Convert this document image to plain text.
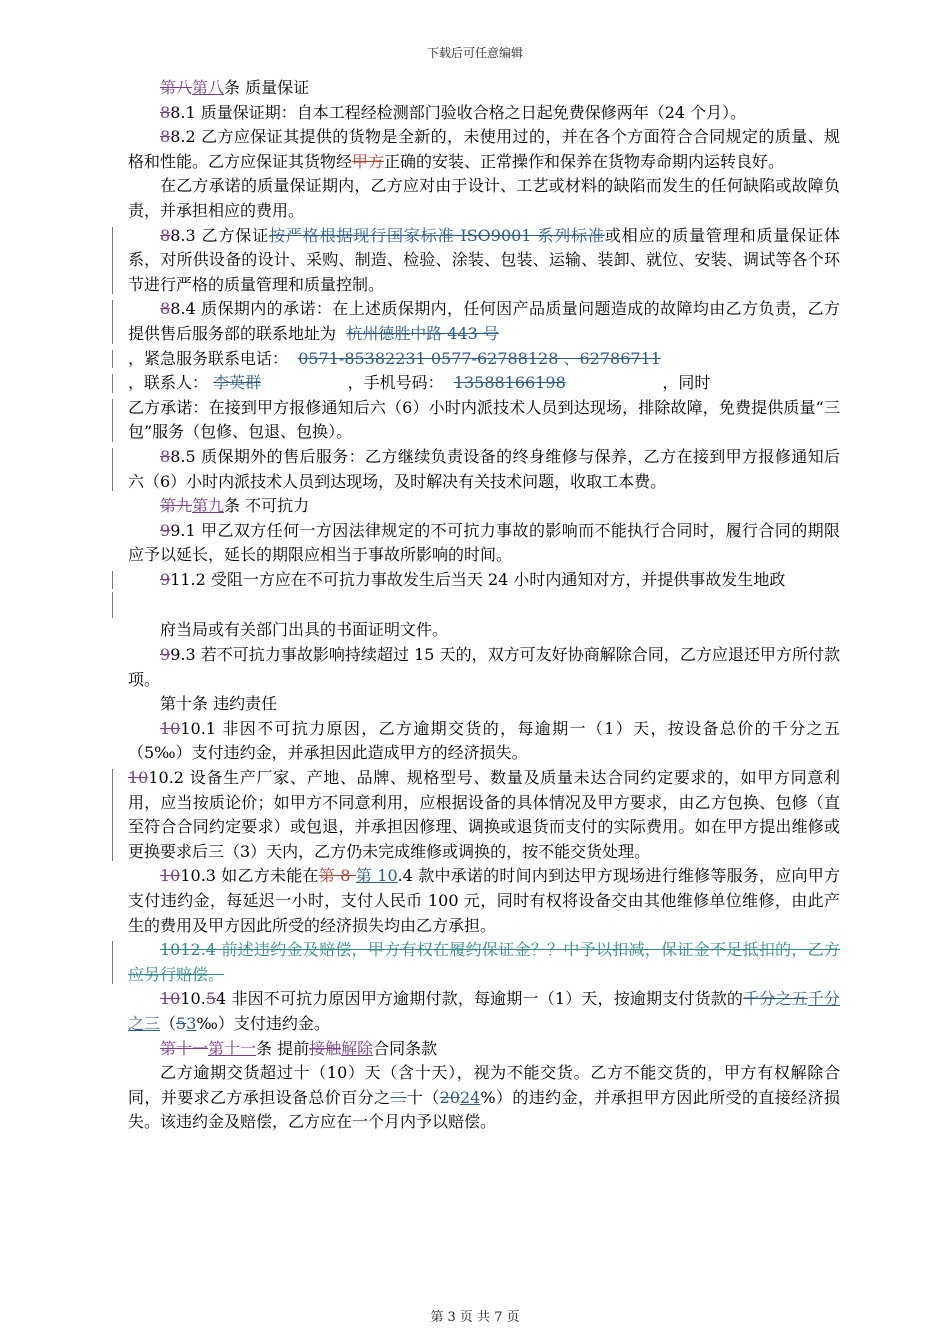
下载后可任意编辑

第八第八条 质量保证

88.1 质量保证期：自本工程经检测部门验收合格之日起免费保修两年（24 个月）。

88.2 乙方应保证其提供的货物是全新的，未使用过的，并在各个方面符合合同规定的质量、规格和性能。乙方应保证其货物经甲方正确的安装、正常操作和保养在货物寿命期内运转良好。

在乙方承诺的质量保证期内，乙方应对由于设计、工艺或材料的缺陷而发生的任何缺陷或故障负责，并承担相应的费用。

88.3 乙方保证按严格根据现行国家标准 ISO9001 系列标准或相应的质量管理和质量保证体系，对所供设备的设计、采购、制造、检验、涂装、包装、运输、装卸、就位、安装、调试等各个环节进行严格的质量管理和质量控制。

88.4 质保期内的承诺：在上述质保期内，任何因产品质量问题造成的故障均由乙方负责，乙方提供售后服务部的联系地址为 杭州德胜中路 443 号

，紧急服务联系电话： 0571-85382231 0577-62788128 、62786711

，联系人： 李英群	，手机号码： 13588166198	，同时

乙方承诺：在接到甲方报修通知后六（6）小时内派技术人员到达现场，排除故障，免费提供质量“三包”服务（包修、包退、包换）。

88.5 质保期外的售后服务：乙方继续负责设备的终身维修与保养，乙方在接到甲方报修通知后六（6）小时内派技术人员到达现场，及时解决有关技术问题，收取工本费。

第九第九条 不可抗力

99.1 甲乙双方任何一方因法律规定的不可抗力事故的影响而不能执行合同时，履行合同的期限应予以延长，延长的期限应相当于事故所影响的时间。

911.2 受阻一方应在不可抗力事故发生后当天 24 小时内通知对方，并提供事故发生地政

府当局或有关部门出具的书面证明文件。

99.3 若不可抗力事故影响持续超过 15 天的，双方可友好协商解除合同，乙方应退还甲方所付款项。

第十条 违约责任

1010.1 非因不可抗力原因，乙方逾期交货的，每逾期一（1）天，按设备总价的千分之五（5‰）支付违约金，并承担因此造成甲方的经济损失。

1010.2 设备生产厂家、产地、品牌、规格型号、数量及质量未达合同约定要求的，如甲方同意利用，应当按质论价；如甲方不同意利用，应根据设备的具体情况及甲方要求，由乙方包换、包修（直至符合合同约定要求）或包退，并承担因修理、调换或退货而支付的实际费用。如在甲方提出维修或更换要求后三（3）天内，乙方仍未完成维修或调换的，按不能交货处理。

1010.3 如乙方未能在第 8 第 10.4 款中承诺的时间内到达甲方现场进行维修等服务，应向甲方支付违约金，每延迟一小时，支付人民币 100 元，同时有权将设备交由其他维修单位维修，由此产生的费用及甲方因此所受的经济损失均由乙方承担。

1012.4 前述违约金及赔偿，甲方有权在履约保证金？？中予以扣减，保证金不足抵扣的，乙方应另行赔偿。

1010.54 非因不可抗力原因甲方逾期付款，每逾期一（1）天，按逾期支付货款的千分之五千分之三（53‰）支付违约金。

第十一第十一条 提前接触解除合同条款

乙方逾期交货超过十（10）天（含十天），视为不能交货。乙方不能交货的，甲方有权解除合同，并要求乙方承担设备总价百分之二十（2024%）的违约金，并承担甲方因此所受的直接经济损失。该违约金及赔偿，乙方应在一个月内予以赔偿。

第 3 页 共 7 页
